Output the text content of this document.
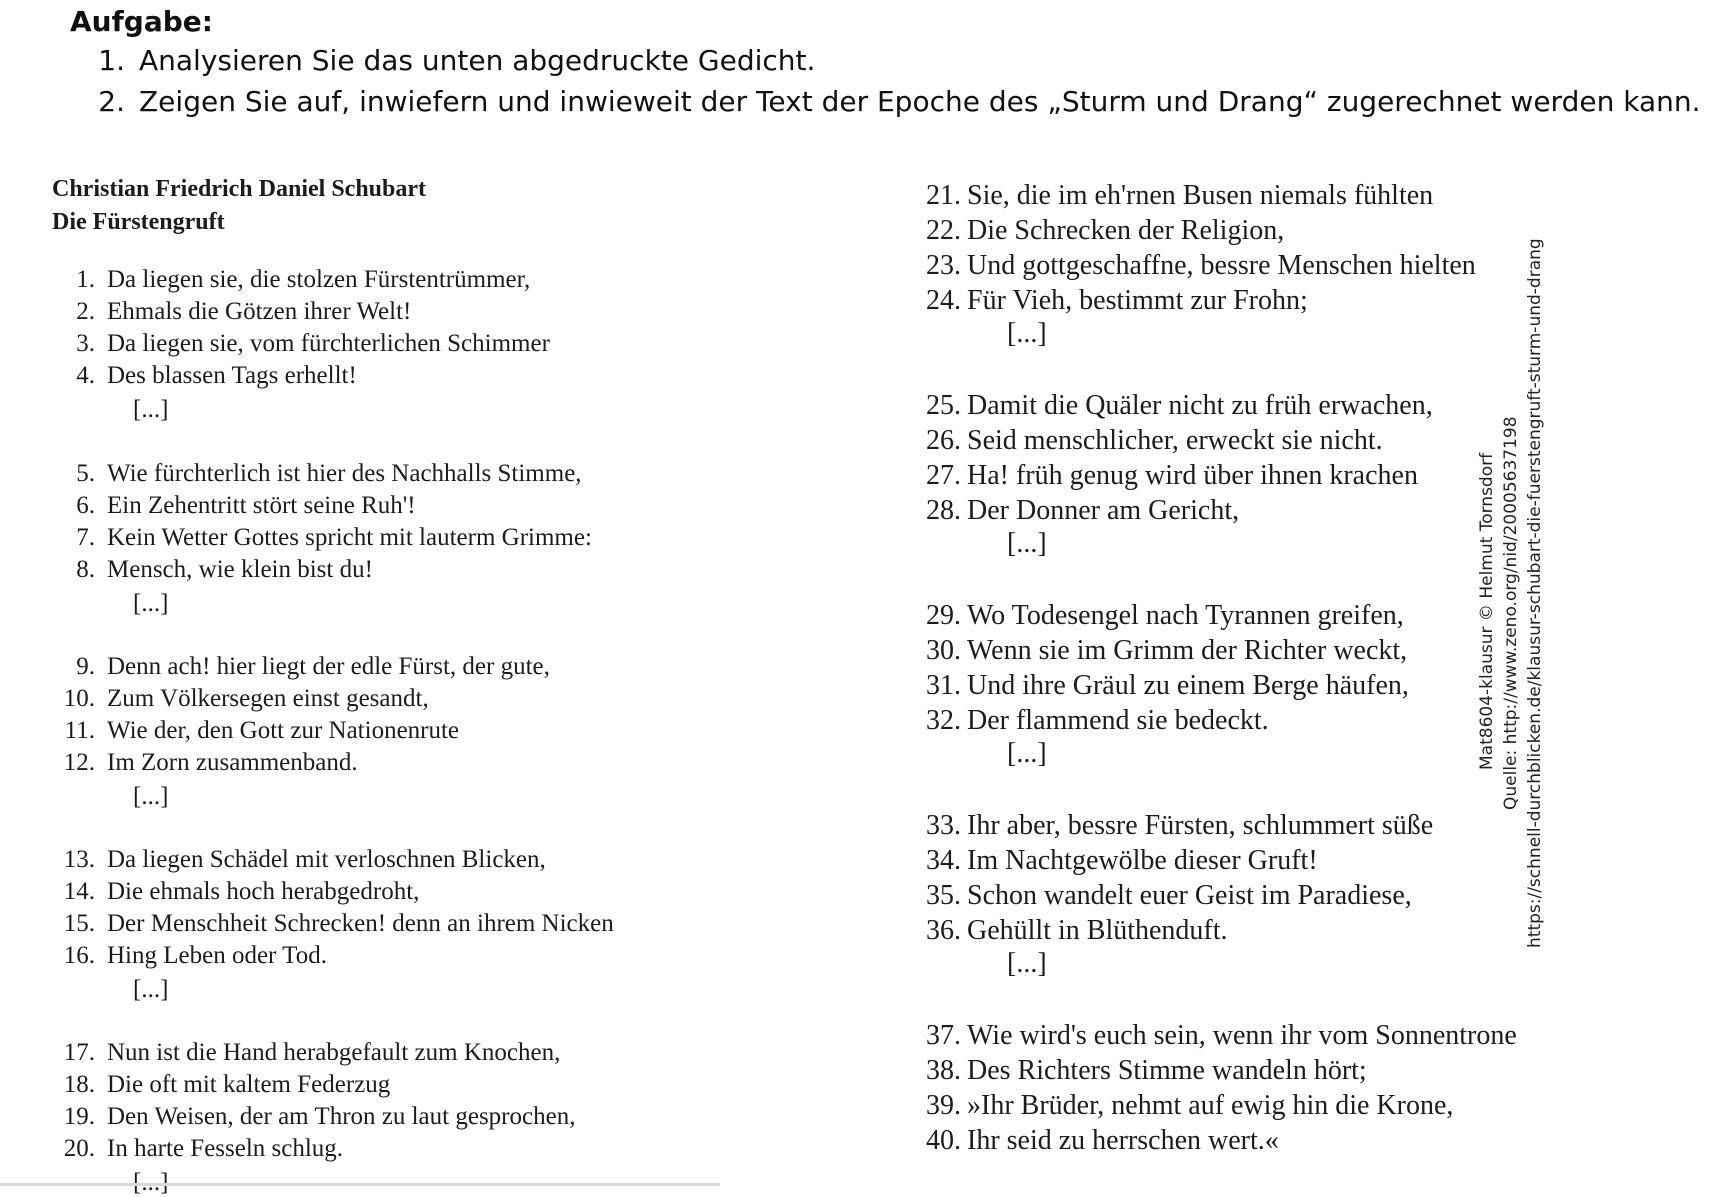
Aufgabe:
1. Analysieren Sie das unten abgedruckte Gedicht.
2. Zeigen Sie auf, inwiefern und inwieweit der Text der Epoche des „Sturm und Drang“ zugerechnet werden kann.
Christian Friedrich Daniel Schubart
Die Fürstengruft
1. Da liegen sie, die stolzen Fürstentrümmer,
2. Ehmals die Götzen ihrer Welt!
3. Da liegen sie, vom fürchterlichen Schimmer
4. Des blassen Tags erhellt!
5. Wie fürchterlich ist hier des Nachhalls Stimme,
6. Ein Zehentritt stört seine Ruh'!
7. Kein Wetter Gottes spricht mit lauterm Grimme:
8. Mensch, wie klein bist du!
9. Denn ach! hier liegt der edle Fürst, der gute,
10. Zum Völkersegen einst gesandt,
11. Wie der, den Gott zur Nationenrute
12. Im Zorn zusammenband.
13. Da liegen Schädel mit verloschnen Blicken,
14. Die ehmals hoch herabgedroht,
15. Der Menschheit Schrecken! denn an ihrem Nicken
16. Hing Leben oder Tod.
17. Nun ist die Hand herabgefault zum Knochen,
18. Die oft mit kaltem Federzug
19. Den Weisen, der am Thron zu laut gesprochen,
20. In harte Fesseln schlug.
[...]
[...]
[...]
[...]
21. Sie, die im eh'rnen Busen niemals fühlten
22. Die Schrecken der Religion,
23. Und gottgeschaffne, bessre Menschen hielten
24. Für Vieh, bestimmt zur Frohn;
25. Damit die Quäler nicht zu früh erwachen,
26. Seid menschlicher, erweckt sie nicht.
27. Ha! früh genug wird über ihnen krachen
28. Der Donner am Gericht,
29. Wo Todesengel nach Tyrannen greifen,
30. Wenn sie im Grimm der Richter weckt,
31. Und ihre Gräul zu einem Berge häufen,
32. Der flammend sie bedeckt.
33. Ihr aber, bessre Fürsten, schlummert süße
34. Im Nachtgewölbe dieser Gruft!
35. Schon wandelt euer Geist im Paradiese,
36. Gehüllt in Blüthenduft.
37. Wie wird's euch sein, wenn ihr vom Sonnentrone
38. Des Richters Stimme wandeln hört;
39. »Ihr Brüder, nehmt auf ewig hin die Krone,
40. Ihr seid zu herrschen wert.«
[...]
[...]
[...]
[...]
Mat8604-klausur © Helmut Tornsdorf Quelle: http://www.zeno.org/nid/20005637198 https://schnell-durchblicken.de/klausur-schubart-die-fuerstengruft-sturm-und-drang
